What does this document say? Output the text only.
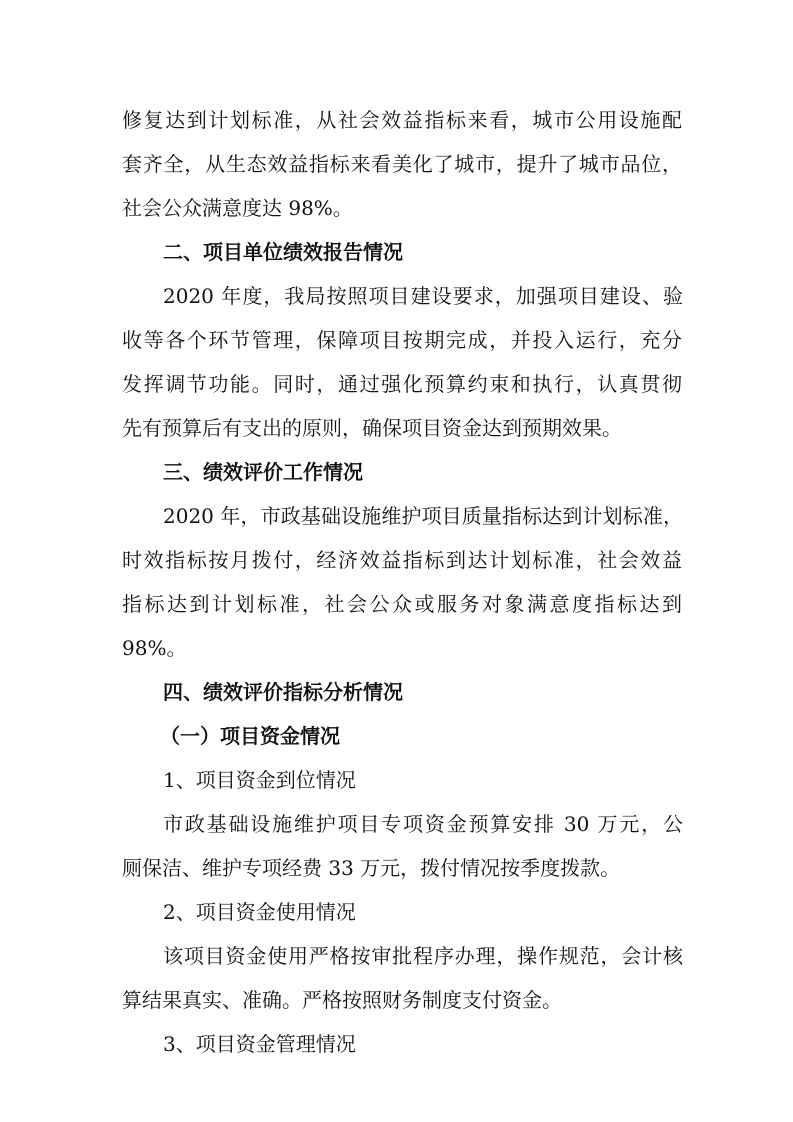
修复达到计划标准，从社会效益指标来看，城市公用设施配
套齐全，从生态效益指标来看美化了城市，提升了城市品位，
社会公众满意度达 98%。
二、项目单位绩效报告情况
2020 年度，我局按照项目建设要求，加强项目建设、验
收等各个环节管理，保障项目按期完成，并投入运行，充分
发挥调节功能。同时，通过强化预算约束和执行，认真贯彻
先有预算后有支出的原则，确保项目资金达到预期效果。
三、绩效评价工作情况
2020 年，市政基础设施维护项目质量指标达到计划标准，
时效指标按月拨付，经济效益指标到达计划标准，社会效益
指标达到计划标准，社会公众或服务对象满意度指标达到
98%。
四、绩效评价指标分析情况
（一）项目资金情况
1、项目资金到位情况
市政基础设施维护项目专项资金预算安排 30 万元，公
厕保洁、维护专项经费 33 万元，拨付情况按季度拨款。
2、项目资金使用情况
该项目资金使用严格按审批程序办理，操作规范，会计核
算结果真实、准确。严格按照财务制度支付资金。
3、项目资金管理情况
